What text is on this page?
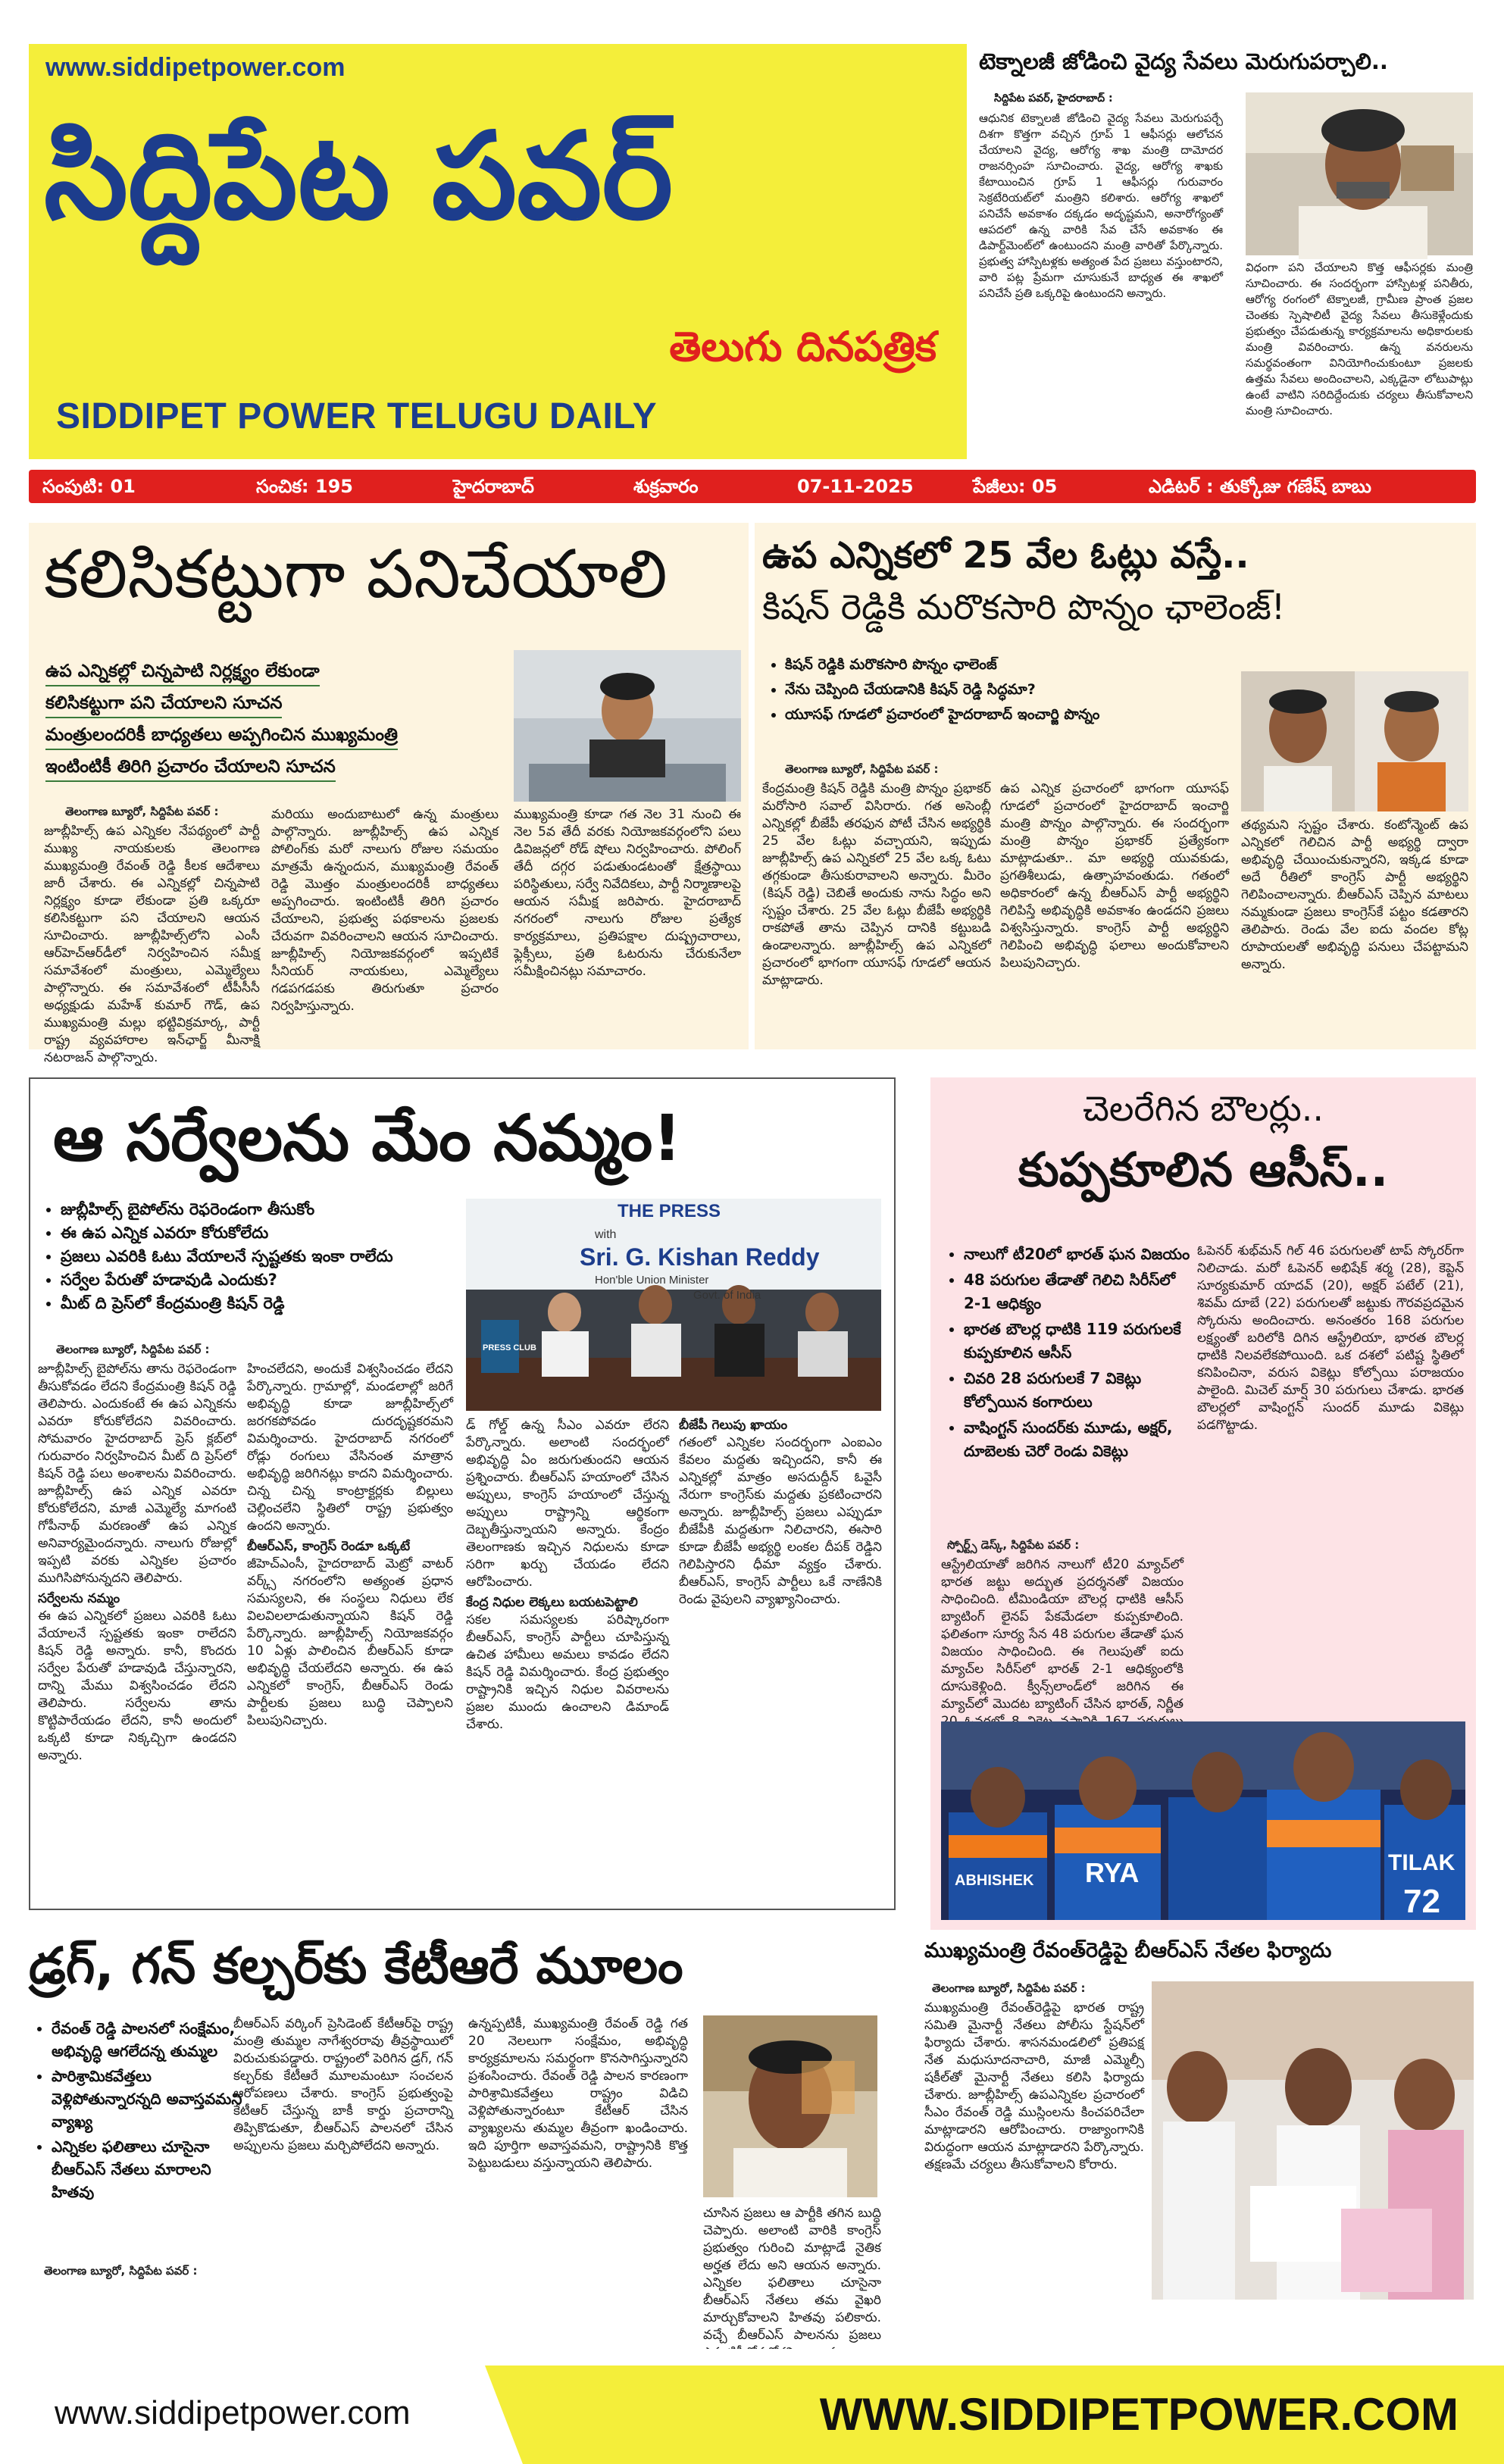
www.siddipetpower.com
సిద్దిపేట పవర్
తెలుగు దినపత్రిక
SIDDIPET POWER TELUGU DAILY
టెక్నాలజీ జోడించి వైద్య సేవలు మెరుగుపర్చాలి..
సిద్దిపేట పవర్, హైదరాబాద్ :
ఆధునిక టెక్నాలజీ జోడించి వైద్య సేవలు మెరుగుపర్చే దిశగా కొత్తగా వచ్చిన గ్రూప్‌ 1 ఆఫీసర్లు ఆలోచన చేయాలని వైద్య, ఆరోగ్య శాఖ మంత్రి దామోదర రాజనర్సింహ సూచించారు. వైద్య, ఆరోగ్య శాఖకు కేటాయించిన గ్రూప్‌ 1 ఆఫీసర్లు గురువారం సెక్రటేరియట్‌లో మంత్రిని కలిశారు. ఆరోగ్య శాఖలో పనిచేసే అవకాశం దక్కడం అదృష్టమని, అనారోగ్యంతో ఆపదలో ఉన్న వారికి సేవ చేసే అవకాశం ఈ డిపార్ట్‌మెంట్‌లో ఉంటుందని మంత్రి వారితో పేర్కొన్నారు. ప్రభుత్వ హాస్పిటళ్లకు అత్యంత పేద ప్రజలు వస్తుంటారని, వారి పట్ల ప్రేమగా చూసుకునే బాధ్యత ఈ శాఖలో పనిచేసే ప్రతి ఒక్కరిపై ఉంటుందని అన్నారు.
విధంగా పని చేయాలని కొత్త ఆఫీసర్లకు మంత్రి సూచించారు. ఈ సందర్భంగా హాస్పిటళ్ల పనితీరు, ఆరోగ్య రంగంలో టెక్నాలజీ, గ్రామీణ ప్రాంత ప్రజల చెంతకు స్పెషాలిటీ వైద్య సేవలు తీసుకెళ్లేందుకు ప్రభుత్వం చేపడుతున్న కార్యక్రమాలను అధికారులకు మంత్రి వివరించారు. ఉన్న వనరులను సమర్థవంతంగా వినియోగించుకుంటూ ప్రజలకు ఉత్తమ సేవలు అందించాలని, ఎక్కడైనా లోటుపాట్లు ఉంటే వాటిని సరిదిద్దేందుకు చర్యలు తీసుకోవాలని మంత్రి సూచించారు.
సంపుటి: 01	సంచిక: 195	హైదరాబాద్	శుక్రవారం	07-11-2025	పేజీలు: 05	ఎడిటర్ : తుక్కోజు గణేష్ బాబు
కలిసికట్టుగా పనిచేయాలి
ఉప ఎన్నికల్లో చిన్నపాటి నిర్లక్ష్యం లేకుండా
కలిసికట్టుగా పని చేయాలని సూచన
మంత్రులందరికీ బాధ్యతలు అప్పగించిన ముఖ్యమంత్రి
ఇంటింటికీ తిరిగి ప్రచారం చేయాలని సూచన
తెలంగాణ బ్యూరో, సిద్దిపేట పవర్ :
జూబ్లీహిల్స్‌ ఉప ఎన్నికల నేపథ్యంలో పార్టీ ముఖ్య నాయకులకు తెలంగాణ ముఖ్యమంత్రి రేవంత్ రెడ్డి కీలక ఆదేశాలు జారీ చేశారు. ఈ ఎన్నికల్లో చిన్నపాటి నిర్లక్ష్యం కూడా లేకుండా ప్రతి ఒక్కరూ కలిసికట్టుగా పని చేయాలని ఆయన సూచించారు. జూబ్లీహిల్స్‌లోని ఎంసీ ఆర్‌హెచ్‌ఆర్‌డీలో నిర్వహించిన సమీక్ష సమావేశంలో మంత్రులు, ఎమ్మెల్యేలు పాల్గొన్నారు. ఈ సమావేశంలో టీపీసీసీ అధ్యక్షుడు మహేశ్ కుమార్ గౌడ్, ఉప ముఖ్యమంత్రి మల్లు భట్టివిక్రమార్క, పార్టీ రాష్ట్ర వ్యవహారాల ఇన్‌ఛార్జ్ మీనాక్షి నటరాజన్ పాల్గొన్నారు.
మరియు అందుబాటులో ఉన్న మంత్రులు పాల్గొన్నారు. జూబ్లీహిల్స్ ఉప ఎన్నిక పోలింగ్‌కు మరో నాలుగు రోజుల సమయం మాత్రమే ఉన్నందున, ముఖ్యమంత్రి రేవంత్ రెడ్డి మొత్తం మంత్రులందరికీ బాధ్యతలు అప్పగించారు. ఇంటింటికీ తిరిగి ప్రచారం చేయాలని, ప్రభుత్వ పథకాలను ప్రజలకు చేరువగా వివరించాలని ఆయన సూచించారు. జూబ్లీహిల్స్ నియోజకవర్గంలో ఇప్పటికే సీనియర్ నాయకులు, ఎమ్మెల్యేలు గడపగడపకు తిరుగుతూ ప్రచారం నిర్వహిస్తున్నారు.
ముఖ్యమంత్రి కూడా గత నెల 31 నుంచి ఈ నెల 5వ తేదీ వరకు నియోజకవర్గంలోని పలు డివిజన్లలో రోడ్ షోలు నిర్వహించారు. పోలింగ్ తేదీ దగ్గర పడుతుండటంతో క్షేత్రస్థాయి పరిస్థితులు, సర్వే నివేదికలు, పార్టీ నిర్మాణాలపై ఆయన సమీక్ష జరిపారు. హైదరాబాద్ నగరంలో నాలుగు రోజుల ప్రత్యేక కార్యక్రమాలు, ప్రతిపక్షాల దుష్ప్రచారాలు, ఫ్లెక్సీలు, ప్రతి ఓటరును చేరుకునేలా సమీక్షించినట్లు సమాచారం.
ఉప ఎన్నికలో 25 వేల ఓట్లు వస్తే..
కిషన్ రెడ్డికి మరొకసారి పొన్నం ఛాలెంజ్!
• కిషన్ రెడ్డికి మరొకసారి పొన్నం ఛాలెంజ్
• నేను చెప్పింది చేయడానికి కిషన్ రెడ్డి సిద్ధమా?
• యూసఫ్ గూడలో ప్రచారంలో హైదరాబాద్ ఇంచార్జి పొన్నం
తెలంగాణ బ్యూరో, సిద్దిపేట పవర్ :
కేంద్రమంత్రి కిషన్ రెడ్డికి మంత్రి పొన్నం ప్రభాకర్ మరోసారి సవాల్ విసిరారు. గత అసెంబ్లీ ఎన్నికల్లో బీజేపీ తరఫున పోటీ చేసిన అభ్యర్థికి 25 వేల ఓట్లు వచ్చాయని, ఇప్పుడు జూబ్లీహిల్స్ ఉప ఎన్నికలో 25 వేల ఒక్క ఓటు తగ్గకుండా తీసుకురావాలని అన్నారు. మీరెం (కిషన్ రెడ్డి) చెబితే అందుకు నాను సిద్ధం అని స్పష్టం చేశారు. 25 వేల ఓట్లు బీజేపీ అభ్యర్థికి రాకపోతే తాను చెప్పిన దానికి కట్టుబడి ఉండాలన్నారు. జూబ్లీహిల్స్ ఉప ఎన్నికలో ప్రచారంలో భాగంగా యూసఫ్ గూడలో ఆయన మాట్లాడారు.
ఉప ఎన్నిక ప్రచారంలో భాగంగా యూసఫ్ గూడలో ప్రచారంలో హైదరాబాద్ ఇంచార్జి మంత్రి పొన్నం పాల్గొన్నారు. ఈ సందర్భంగా మంత్రి పొన్నం ప్రభాకర్ ప్రత్యేకంగా మాట్లాడుతూ.. మా అభ్యర్థి యువకుడు, ప్రగతిశీలుడు, ఉత్సాహవంతుడు. గతంలో అధికారంలో ఉన్న బీఆర్ఎస్ పార్టీ అభ్యర్థిని గెలిపిస్తే అభివృద్ధికి అవకాశం ఉండదని ప్రజలు విశ్వసిస్తున్నారు. కాంగ్రెస్ పార్టీ అభ్యర్థిని గెలిపించి అభివృద్ధి ఫలాలు అందుకోవాలని పిలుపునిచ్చారు.
తథ్యమని స్పష్టం చేశారు. కంటోన్మెంట్ ఉప ఎన్నికలో గెలిచిన పార్టీ అభ్యర్థి ద్వారా అభివృద్ధి చేయించుకున్నారని, ఇక్కడ కూడా అదే రీతిలో కాంగ్రెస్ పార్టీ అభ్యర్థిని గెలిపించాలన్నారు. బీఆర్ఎస్ చెప్పిన మాటలు నమ్మకుండా ప్రజలు కాంగ్రెస్‌కే పట్టం కడతారని తెలిపారు. రెండు వేల ఐదు వందల కోట్ల రూపాయలతో అభివృద్ధి పనులు చేపట్టామని అన్నారు.
ఆ సర్వేలను మేం నమ్మం!
• జుబ్లీహిల్స్ బైపోల్‌ను రెఫరెండంగా తీసుకోం
• ఈ ఉప ఎన్నిక ఎవరూ కోరుకోలేదు
• ప్రజలు ఎవరికి ఓటు వేయాలనే స్పష్టతకు ఇంకా రాలేదు
• సర్వేల పేరుతో హడావుడి ఎందుకు?
• మీట్ ది ప్రెస్‌లో కేంద్రమంత్రి కిషన్ రెడ్డి
తెలంగాణ బ్యూరో, సిద్దిపేట పవర్ :
THE PRESS
with
Sri. G. Kishan Reddy
Hon'ble Union Minister
Govt. of India
PRESS CLUB

జూబ్లీహిల్స్ బైపోల్‌ను తాను రెఫరెండంగా తీసుకోవడం లేదని కేంద్రమంత్రి కిషన్ రెడ్డి తెలిపారు. ఎందుకంటే ఈ ఉప ఎన్నికను ఎవరూ కోరుకోలేదని వివరించారు. సోమవారం హైదరాబాద్ ప్రెస్ క్లబ్‌లో గురువారం నిర్వహించిన మీట్ ది ప్రెస్‌లో కిషన్ రెడ్డి పలు అంశాలను వివరించారు. జూబ్లీహిల్స్ ఉప ఎన్నిక ఎవరూ కోరుకోలేదని, మాజీ ఎమ్మెల్యే మాగంటి గోపీనాథ్ మరణంతో ఉప ఎన్నిక అనివార్యమైందన్నారు. నాలుగు రోజుల్లో ఇప్పటి వరకు ఎన్నికల ప్రచారం ముగిసిపోనున్నదని తెలిపారు.

సర్వేలను నమ్మం

ఈ ఉప ఎన్నికలో ప్రజలు ఎవరికి ఓటు వేయాలనే స్పష్టతకు ఇంకా రాలేదని కిషన్ రెడ్డి అన్నారు. కానీ, కొందరు సర్వేల పేరుతో హడావుడి చేస్తున్నారని, దాన్ని మేము విశ్వసించడం లేదని తెలిపారు. సర్వేలను తాను కొట్టిపారేయడం లేదని, కానీ అందులో ఒక్కటి కూడా నిక్కచ్చిగా ఉండదని అన్నారు.

హించలేదని, అందుకే విశ్వసించడం లేదని పేర్కొన్నారు. గ్రామాల్లో, మండలాల్లో జరిగే అభివృద్ధి కూడా జూబ్లీహిల్స్‌లో జరగకపోవడం దురదృష్టకరమని విమర్శించారు. హైదరాబాద్ నగరంలో రోడ్లు రంగులు వేసినంత మాత్రాన అభివృద్ధి జరిగినట్లు కాదని విమర్శించారు. చిన్న చిన్న కాంట్రాక్టర్లకు బిల్లులు చెల్లించలేని స్థితిలో రాష్ట్ర ప్రభుత్వం ఉందని అన్నారు.

బీఆర్ఎస్, కాంగ్రెస్ రెండూ ఒక్కటే

జీహెచ్ఎంసీ, హైదరాబాద్ మెట్రో వాటర్ వర్క్స్ నగరంలోని అత్యంత ప్రధాన సమస్యలని, ఈ సంస్థలు నిధులు లేక విలవిలలాడుతున్నాయని కిషన్ రెడ్డి పేర్కొన్నారు. జూబ్లీహిల్స్ నియోజకవర్గం 10 ఏళ్లు పాలించిన బీఆర్ఎస్ కూడా అభివృద్ధి చేయలేదని అన్నారు. ఈ ఉప ఎన్నికలో కాంగ్రెస్, బీఆర్ఎస్ రెండు పార్టీలకు ప్రజలు బుద్ధి చెప్పాలని పిలుపునిచ్చారు.

డ్ గోల్డ్ ఉన్న సీఎం ఎవరూ లేరని పేర్కొన్నారు. అలాంటి సందర్భంలో అభివృద్ధి ఏం జరుగుతుందని ఆయన ప్రశ్నించారు. బీఆర్ఎస్ హయాంలో చేసిన అప్పులు, కాంగ్రెస్ హయాంలో చేస్తున్న అప్పులు రాష్ట్రాన్ని ఆర్థికంగా దెబ్బతీస్తున్నాయని అన్నారు. కేంద్రం తెలంగాణకు ఇచ్చిన నిధులను కూడా సరిగా ఖర్చు చేయడం లేదని ఆరోపించారు.

కేంద్ర నిధుల లెక్కలు బయటపెట్టాలి

సకల సమస్యలకు పరిష్కారంగా బీఆర్ఎస్, కాంగ్రెస్ పార్టీలు చూపిస్తున్న ఉచిత హామీలు అమలు కావడం లేదని కిషన్ రెడ్డి విమర్శించారు. కేంద్ర ప్రభుత్వం రాష్ట్రానికి ఇచ్చిన నిధుల వివరాలను ప్రజల ముందు ఉంచాలని డిమాండ్ చేశారు.

బీజేపీ గెలుపు ఖాయం

గతంలో ఎన్నికల సందర్భంగా ఎంఐఎం కేవలం మద్దతు ఇచ్చిందని, కానీ ఈ ఎన్నికల్లో మాత్రం అసదుద్దీన్ ఓవైసీ నేరుగా కాంగ్రెస్‌కు మద్దతు ప్రకటించారని అన్నారు. జూబ్లీహిల్స్ ప్రజలు ఎప్పుడూ బీజేపీకి మద్దతుగా నిలిచారని, ఈసారి కూడా బీజేపీ అభ్యర్థి లంకల దీపక్ రెడ్డిని గెలిపిస్తారని ధీమా వ్యక్తం చేశారు. బీఆర్ఎస్, కాంగ్రెస్ పార్టీలు ఒకే నాణేనికి రెండు వైపులని వ్యాఖ్యానించారు.

చెలరేగిన బౌలర్లు..
కుప్పకూలిన ఆసీస్..
• నాలుగో టీ20లో భారత్ ఘన విజయం
• 48 పరుగుల తేడాతో గెలిచి సిరీస్‌లో 2-1 ఆధిక్యం
• భారత బౌలర్ల ధాటికి 119 పరుగులకే కుప్పకూలిన ఆసీస్
• చివరి 28 పరుగులకే 7 వికెట్లు కోల్పోయిన కంగారులు
• వాషింగ్టన్ సుందర్‌కు మూడు, అక్షర్, దూబెలకు చెరో రెండు వికెట్లు
స్పోర్ట్స్ డెస్క్, సిద్దిపేట పవర్ :
ఆస్ట్రేలియాతో జరిగిన నాలుగో టీ20 మ్యాచ్‌లో భారత జట్టు అద్భుత ప్రదర్శనతో విజయం సాధించింది. టీమిండియా బౌలర్ల ధాటికి ఆసీస్ బ్యాటింగ్ లైనప్ పేకమేడలా కుప్పకూలింది. ఫలితంగా సూర్య సేన 48 పరుగుల తేడాతో ఘన విజయం సాధించింది. ఈ గెలుపుతో ఐదు మ్యాచ్‌ల సిరీస్‌లో భారత్ 2-1 ఆధిక్యంలోకి దూసుకెళ్లింది. క్వీన్స్‌లాండ్‌లో జరిగిన ఈ మ్యాచ్‌లో మొదట బ్యాటింగ్ చేసిన భారత్, నిర్ణీత
ఓపెనర్ శుభ్‌మన్ గిల్ 46 పరుగులతో టాప్ స్కోరర్‌గా నిలిచాడు. మరో ఓపెనర్ అభిషేక్ శర్మ (28), కెప్టెన్ సూర్యకుమార్ యాదవ్ (20), అక్షర్ పటేల్ (21), శివమ్ దూబే (22) పరుగులతో జట్టుకు గౌరవప్రదమైన స్కోరును అందించారు. అనంతరం 168 పరుగుల లక్ష్యంతో బరిలోకి దిగిన ఆస్ట్రేలియా, భారత బౌలర్ల ధాటికి నిలవలేకపోయింది. ఒక దశలో పటిష్ట స్థితిలో కనిపించినా, వరుస వికెట్లు కోల్పోయి పరాజయం పాలైంది. మిచెల్ మార్ష్ 30 పరుగులు చేశాడు. భారత బౌలర్లలో వాషింగ్టన్ సుందర్ మూడు వికెట్లు పడగొట్టాడు.
ABHISHEK RYA	TILAK
72
డ్రగ్, గన్ కల్చర్‌కు కేటీఆరే మూలం
• రేవంత్ రెడ్డి పాలనలో సంక్షేమం, అభివృద్ధి ఆగలేదన్న తుమ్మల
• పారిశ్రామికవేత్తలు వెళ్లిపోతున్నారన్నది అవాస్తవమని వ్యాఖ్య
• ఎన్నికల ఫలితాలు చూసైనా బీఆర్ఎస్ నేతలు మారాలని హితవు
తెలంగాణ బ్యూరో, సిద్దిపేట పవర్ :
బీఆర్ఎస్ వర్కింగ్ ప్రెసిడెంట్ కేటీఆర్‌పై రాష్ట్ర మంత్రి తుమ్మల నాగేశ్వరరావు తీవ్రస్థాయిలో విరుచుకుపడ్డారు. రాష్ట్రంలో పెరిగిన డ్రగ్, గన్ కల్చర్‌కు కేటీఆరే మూలమంటూ సంచలన ఆరోపణలు చేశారు. కాంగ్రెస్ ప్రభుత్వంపై కేటీఆర్ చేస్తున్న బాకీ కార్డు ప్రచారాన్ని తిప్పికొడుతూ, బీఆర్ఎస్ పాలనలో చేసిన అప్పులను ప్రజలు మర్చిపోలేదని అన్నారు.
ఉన్నప్పటికీ, ముఖ్యమంత్రి రేవంత్ రెడ్డి గత 20 నెలలుగా సంక్షేమం, అభివృద్ధి కార్యక్రమాలను సమర్థంగా కొనసాగిస్తున్నారని ప్రశంసించారు. రేవంత్ రెడ్డి పాలన కారణంగా పారిశ్రామికవేత్తలు రాష్ట్రం విడిచి వెళ్లిపోతున్నారంటూ కేటీఆర్ చేసిన వ్యాఖ్యలను తుమ్మల తీవ్రంగా ఖండించారు. ఇది పూర్తిగా అవాస్తవమని, రాష్ట్రానికి కొత్త పెట్టుబడులు వస్తున్నాయని తెలిపారు.
చూసిన ప్రజలు ఆ పార్టీకి తగిన బుద్ధి చెప్పారు. అలాంటి వారికి కాంగ్రెస్ ప్రభుత్వం గురించి మాట్లాడే నైతిక అర్హత లేదు అని ఆయన అన్నారు. ఎన్నికల ఫలితాలు చూసైనా బీఆర్ఎస్ నేతలు తమ వైఖరి మార్చుకోవాలని హితవు పలికారు. వచ్చే బీఆర్ఎస్ పాలనను ప్రజలు
ముఖ్యమంత్రి రేవంత్‌రెడ్డిపై బీఆర్ఎస్ నేతల ఫిర్యాదు
తెలంగాణ బ్యూరో, సిద్దిపేట పవర్ :
ముఖ్యమంత్రి రేవంత్‌రెడ్డిపై భారత రాష్ట్ర సమితి మైనార్టీ నేతలు పోలీసు స్టేషన్‌లో ఫిర్యాదు చేశారు. శాసనమండలిలో ప్రతిపక్ష నేత మధుసూదనాచారి, మాజీ ఎమ్మెల్సీ షకీల్‌తో మైనార్టీ నేతలు కలిసి ఫిర్యాదు చేశారు. జూబ్లీహిల్స్ ఉపఎన్నికల ప్రచారంలో సీఎం రేవంత్ రెడ్డి ముస్లింలను కించపరిచేలా మాట్లాడారని ఆరోపించారు. రాజ్యాంగానికి విరుద్ధంగా ఆయన మాట్లాడారని పేర్కొన్నారు. తక్షణమే చర్యలు తీసుకోవాలని కోరారు.
www.siddipetpower.com	WWW.SIDDIPETPOWER.COM
